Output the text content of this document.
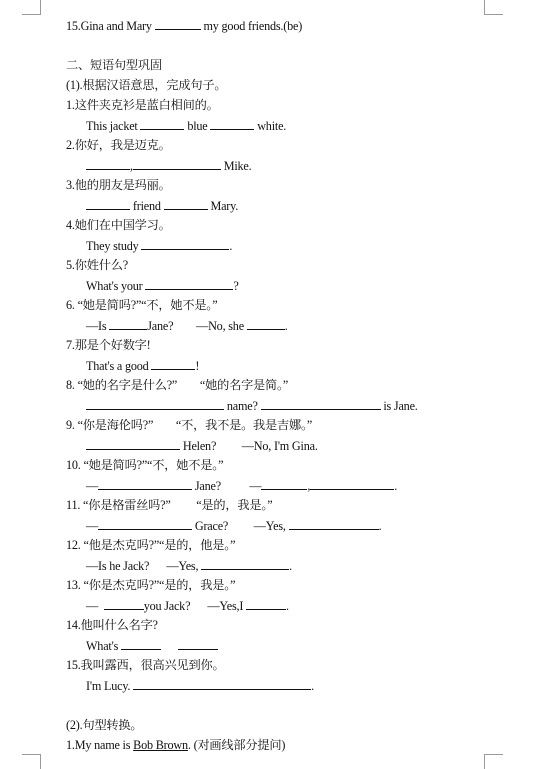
15.Gina and Mary	my good friends.(be)
二、短语句型巩固
(1).根据汉语意思，完成句子。
1.这件夹克衫是蓝白相间的。
This jacket	blue	white.
2.你好，我是迈克。
,	Mike.
3.他的朋友是玛丽。
friend	Mary.
4.她们在中国学习。
They study	.
5.你姓什么?
What's your	?
6. “她是简吗?”“不，她不是。”
—Is	Jane?        —No, she	.
7.那是个好数字!
That's a good	!
8. “她的名字是什么?”        “她的名字是简。”
name?	is Jane.
9. “你是海伦吗?”        “不，我不是。我是吉娜。”
Helen?         —No, I'm Gina.
10. “她是简吗?”“不，她不是。”
—	Jane?          —	,	.
11. “你是格雷丝吗?”         “是的，我是。”
—	Grace?         —Yes,	.
12. “他是杰克吗?”“是的，他是。”
—Is he Jack?      —Yes,	.
13. “你是杰克吗?”“是的，我是。”
—	you Jack?      —Yes,I	.
14.他叫什么名字?
What's
15.我叫露西，很高兴见到你。
I'm Lucy.	.
(2).句型转换。
1.My name is Bob Brown. (对画线部分提问)
